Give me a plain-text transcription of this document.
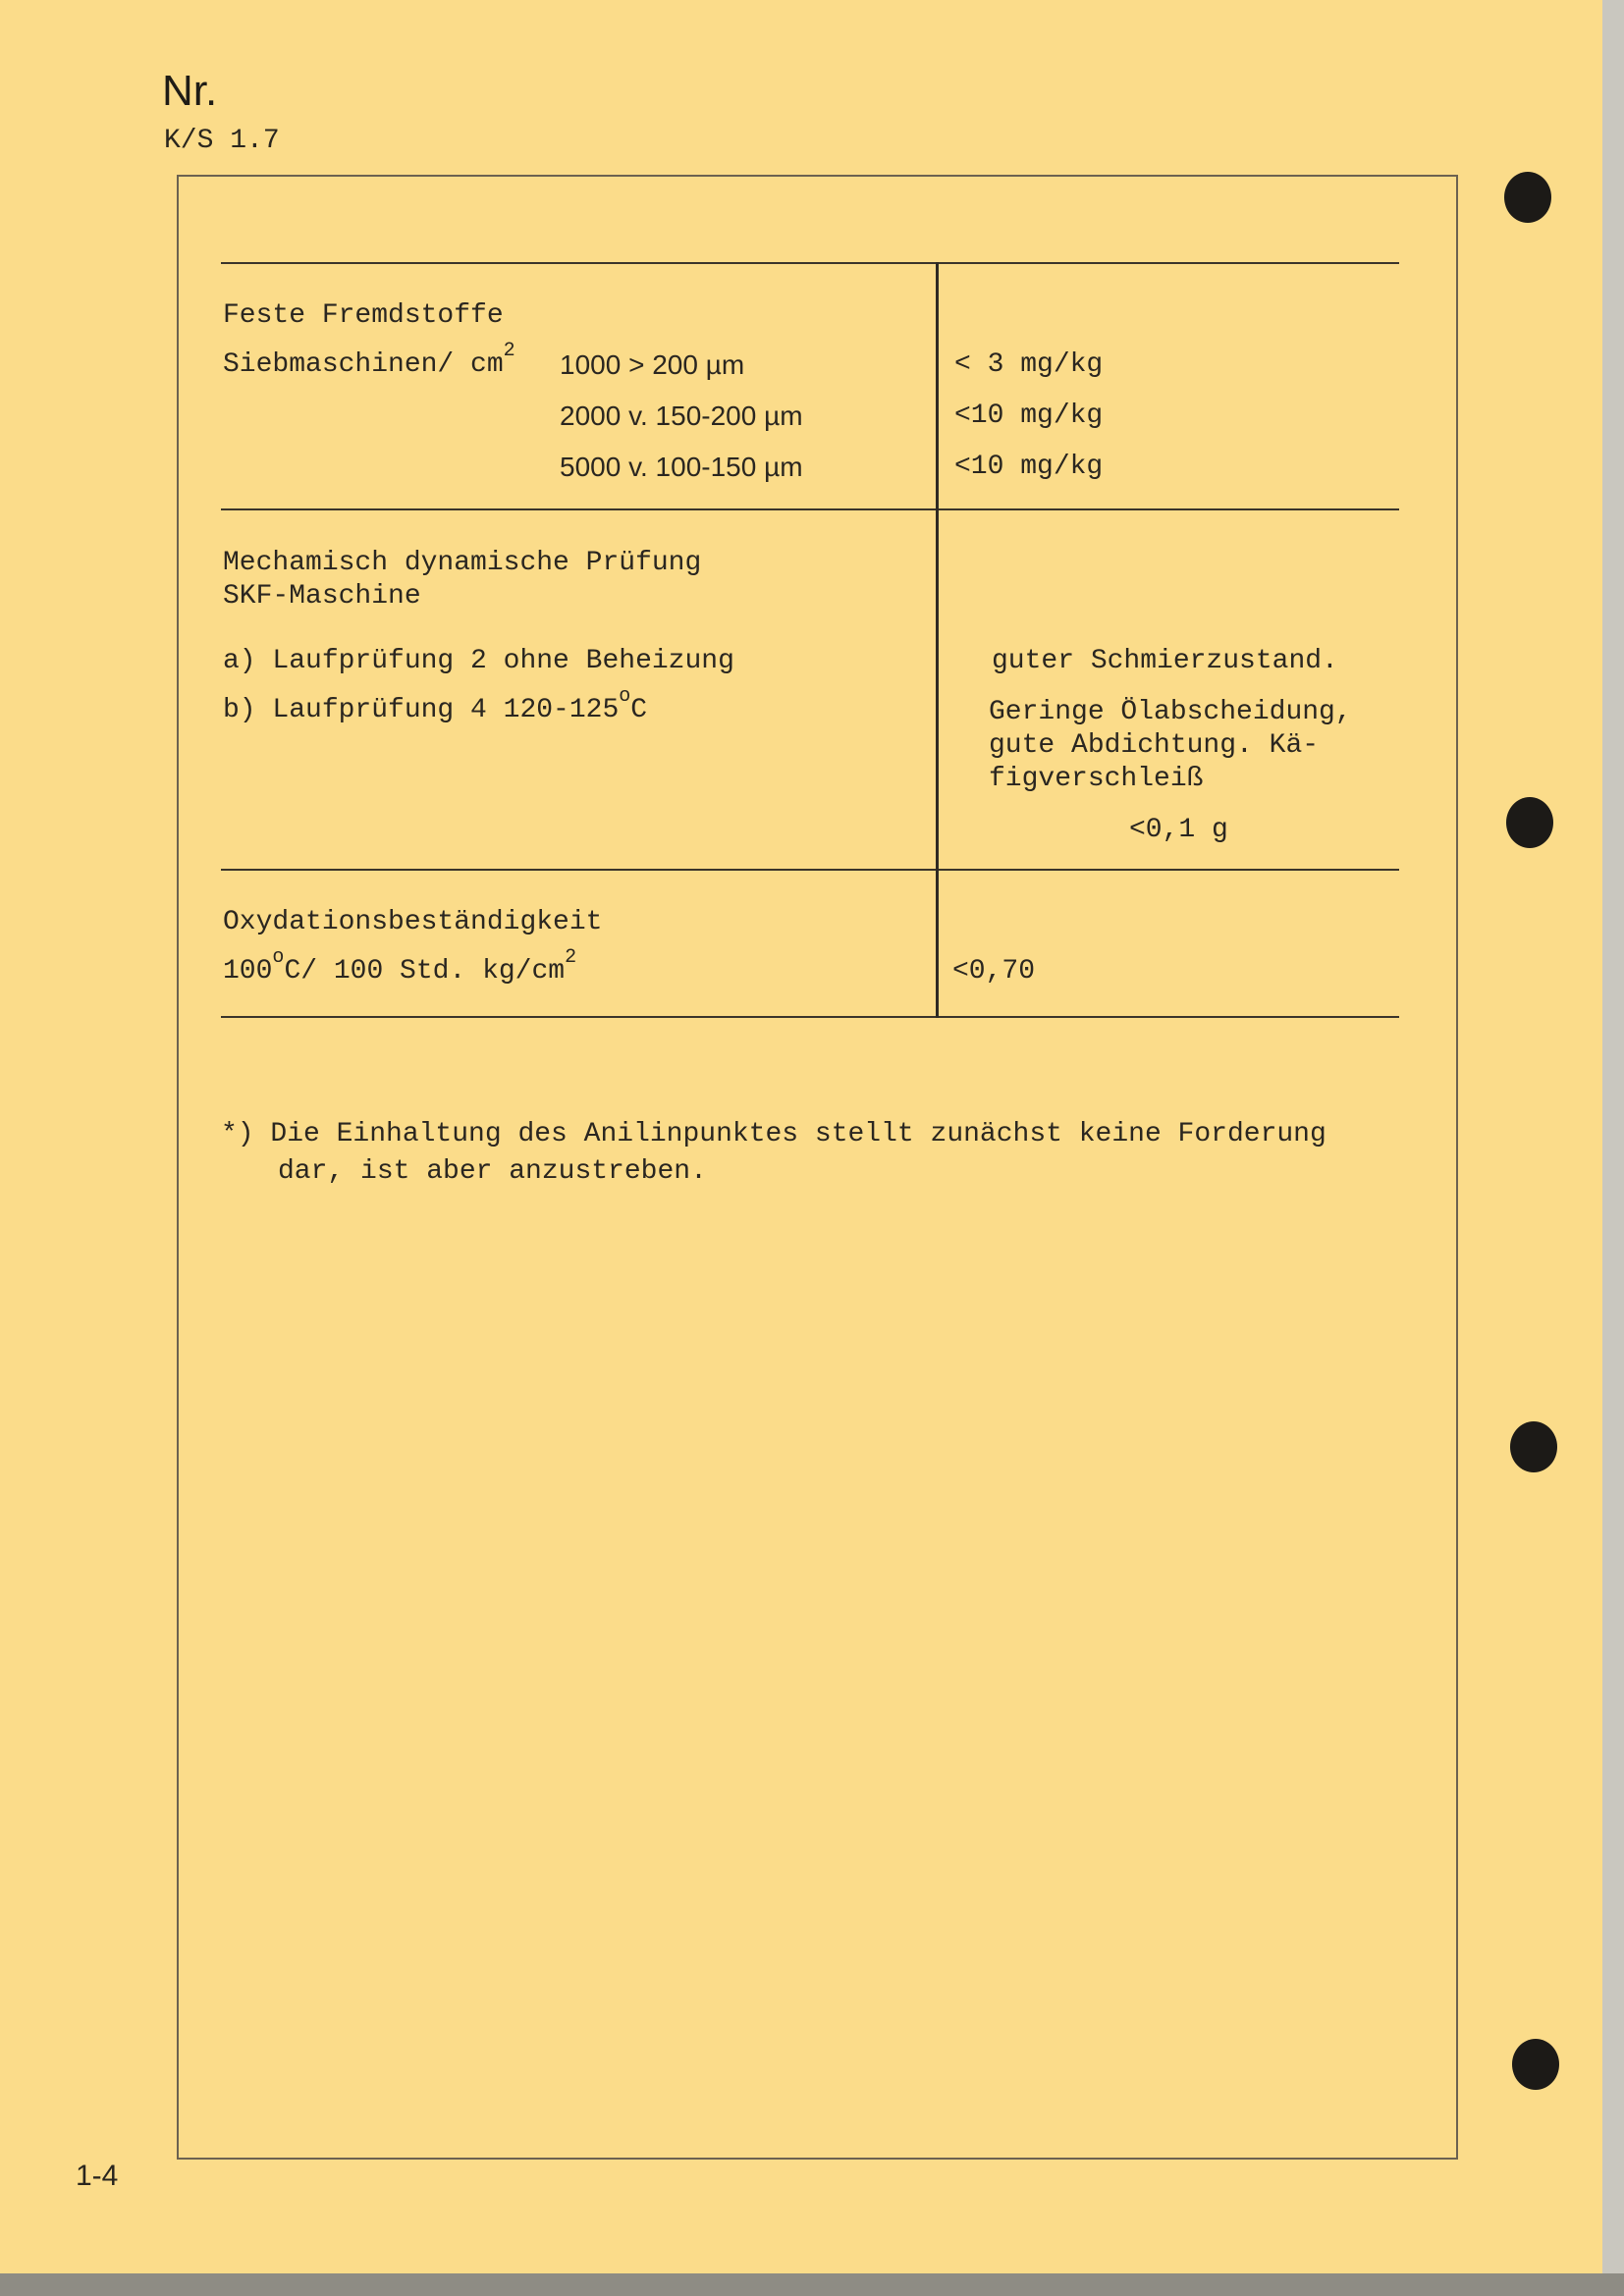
Nr.
K/S 1.7
1-4
Feste Fremdstoffe
Siebmaschinen/ $cm^2$ 1000 > 200 µm
2000 v. 150-200 µm
5000 v. 100-150 µm
< 3 mg/kg
<10 mg/kg
<10 mg/kg
Mechamisch dynamische Prüfung
SKF-Maschine
a) Laufprüfung 2 ohne Beheizung
b) Laufprüfung 4 120-125$^o$C
guter Schmierzustand.
Geringe Ölabscheidung,
gute Abdichtung. Kä-
figverschleiß
<0,1 g
Oxydationsbeständigkeit
100$^o$C/ 100 Std. $kg/cm^2$	<0,70
*) Die Einhaltung des Anilinpunktes stellt zunächst keine Forderung
dar, ist aber anzustreben.
